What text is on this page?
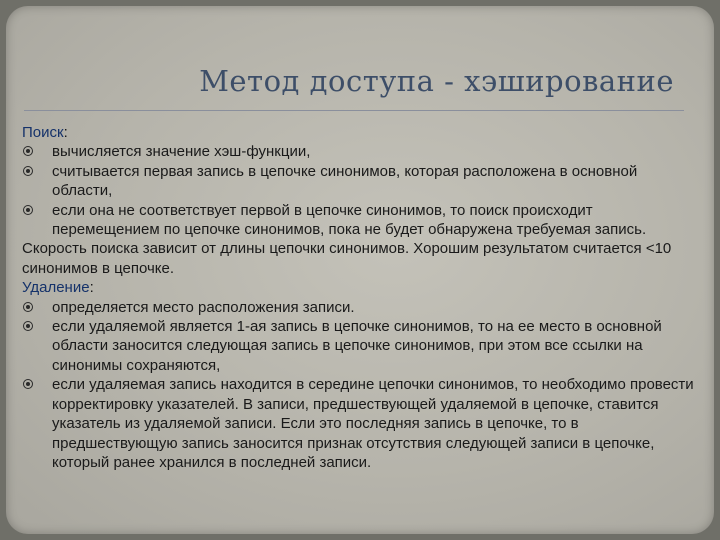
Метод доступа - хэширование
Поиск:
вычисляется значение хэш-функции,
считывается первая запись в цепочке синонимов, которая расположена в основной области,
если она не соответствует первой в цепочке синонимов, то поиск происходит перемещением по цепочке синонимов, пока не будет обнаружена требуемая запись.

Скорость поиска зависит от длины цепочки синонимов. Хорошим результатом считается <10 синонимов в цепочке.

Удаление:
определяется место расположения записи.
если удаляемой является 1-ая запись в цепочке синонимов, то на ее место в основной области заносится следующая запись в цепочке синонимов, при этом все ссылки на синонимы сохраняются,
если удаляемая запись находится в середине цепочки синонимов, то необходимо провести корректировку указателей. В записи, предшествующей удаляемой в цепочке, ставится указатель из удаляемой записи. Если это последняя запись в цепочке, то в предшествующую запись заносится признак отсутствия следующей записи в цепочке, который ранее хранился в последней записи.
